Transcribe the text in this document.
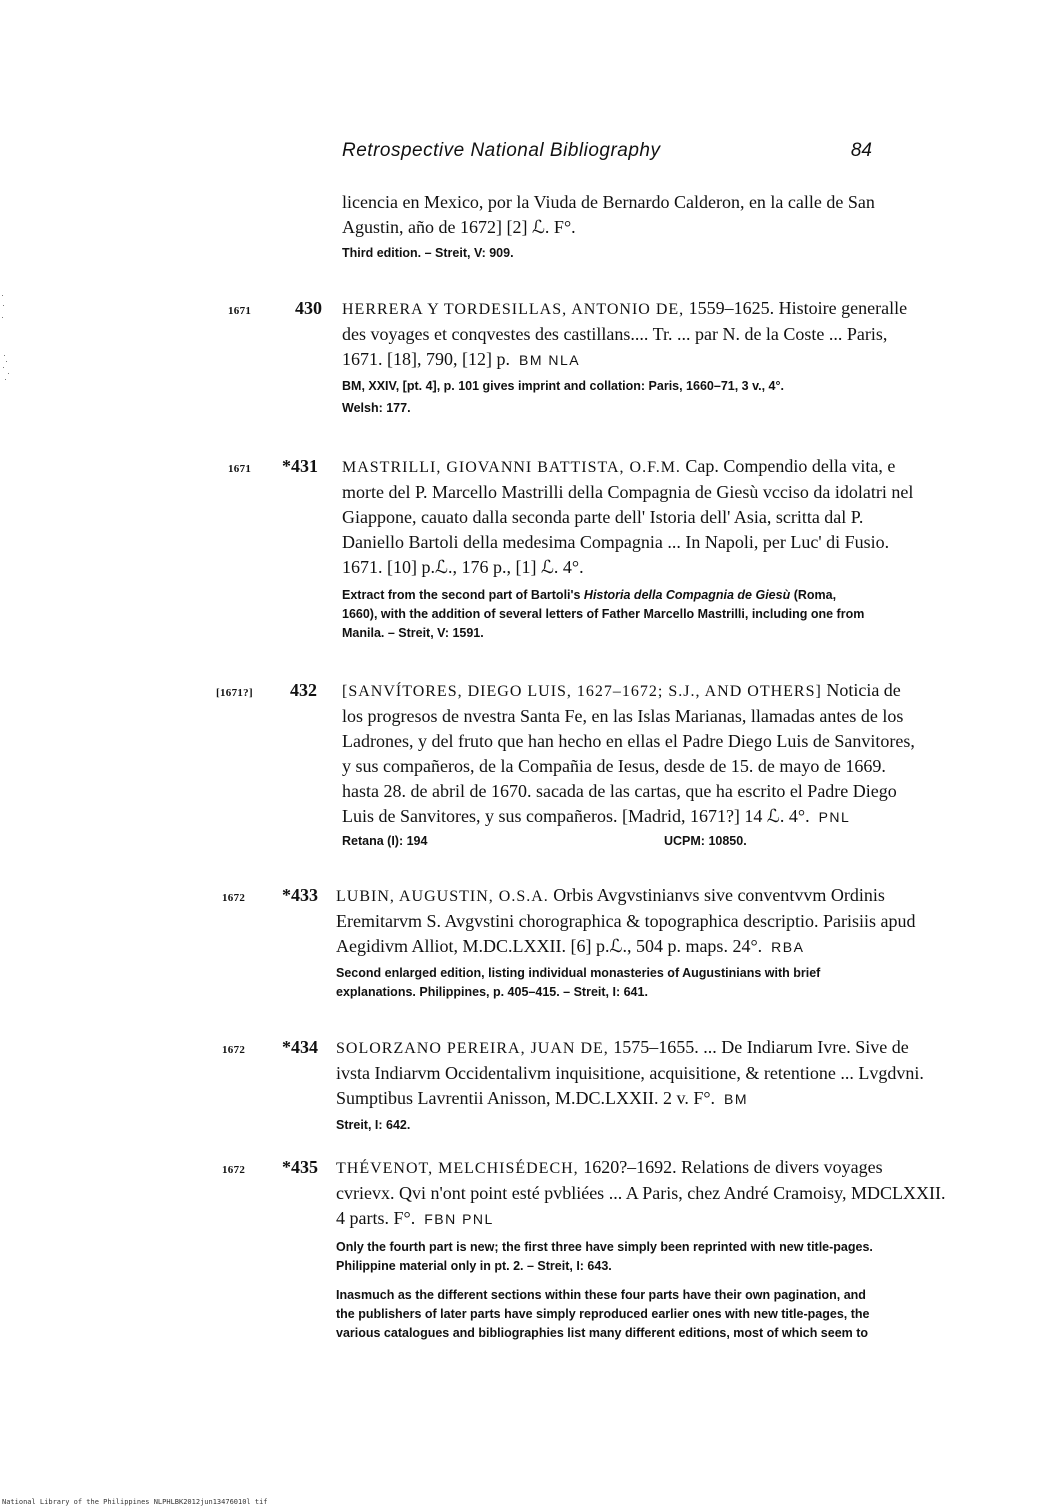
Retrospective National Bibliography	84
licencia en Mexico, por la Viuda de Bernardo Calderon, en la calle de San
Agustin, año de 1672] [2] ℒ. F°.
Third edition. – Streit, V: 909.
1671 430 HERRERA Y TORDESILLAS, ANTONIO DE, 1559–1625. Histoire generalle
des voyages et conqvestes des castillans.... Tr. ... par N. de la Coste ... Paris,
1671. [18], 790, [12] p. BM NLA
BM, XXIV, [pt. 4], p. 101 gives imprint and collation: Paris, 1660–71, 3 v., 4°.
Welsh: 177.
1671 *431 MASTRILLI, GIOVANNI BATTISTA, O.F.M. Cap. Compendio della vita, e
morte del P. Marcello Mastrilli della Compagnia de Giesù vcciso da idolatri nel
Giappone, cauato dalla seconda parte dell' Istoria dell' Asia, scritta dal P.
Daniello Bartoli della medesima Compagnia ... In Napoli, per Luc' di Fusio.
1671. [10] p.ℒ., 176 p., [1] ℒ. 4°.
Extract from the second part of Bartoli's Historia della Compagnia de Giesù (Roma,
1660), with the addition of several letters of Father Marcello Mastrilli, including one from
Manila. – Streit, V: 1591.
[1671?] 432 [SANVÍTORES, DIEGO LUIS, 1627–1672; S.J., AND OTHERS] Noticia de
los progresos de nvestra Santa Fe, en las Islas Marianas, llamadas antes de los
Ladrones, y del fruto que han hecho en ellas el Padre Diego Luis de Sanvitores,
y sus compañeros, de la Compañia de Iesus, desde de 15. de mayo de 1669.
hasta 28. de abril de 1670. sacada de las cartas, que ha escrito el Padre Diego
Luis de Sanvitores, y sus compañeros. [Madrid, 1671?] 14 ℒ. 4°. PNL
Retana (I): 194	UCPM: 10850.
1672 *433 LUBIN, AUGUSTIN, O.S.A. Orbis Avgvstinianvs sive conventvvm Ordinis
Eremitarvm S. Avgvstini chorographica & topographica descriptio. Parisiis apud
Aegidivm Alliot, M.DC.LXXII. [6] p.ℒ., 504 p. maps. 24°. RBA
Second enlarged edition, listing individual monasteries of Augustinians with brief
explanations. Philippines, p. 405–415. – Streit, I: 641.
1672 *434 SOLORZANO PEREIRA, JUAN DE, 1575–1655. ... De Indiarum Ivre. Sive de
ivsta Indiarvm Occidentalivm inquisitione, acquisitione, & retentione ... Lvgdvni.
Sumptibus Lavrentii Anisson, M.DC.LXXII. 2 v. F°. BM
Streit, I: 642.
1672 *435 THÉVENOT, MELCHISÉDECH, 1620?–1692. Relations de divers voyages
cvrievx. Qvi n'ont point esté pvbliées ... A Paris, chez André Cramoisy, MDCLXXII.
4 parts. F°. FBN PNL
Only the fourth part is new; the first three have simply been reprinted with new title-pages.
Philippine material only in pt. 2. – Streit, I: 643.
Inasmuch as the different sections within these four parts have their own pagination, and
the publishers of later parts have simply reproduced earlier ones with new title-pages, the
various catalogues and bibliographies list many different editions, most of which seem to
National Library of the Philippines NLPHLBK2012jun13476010l tif
